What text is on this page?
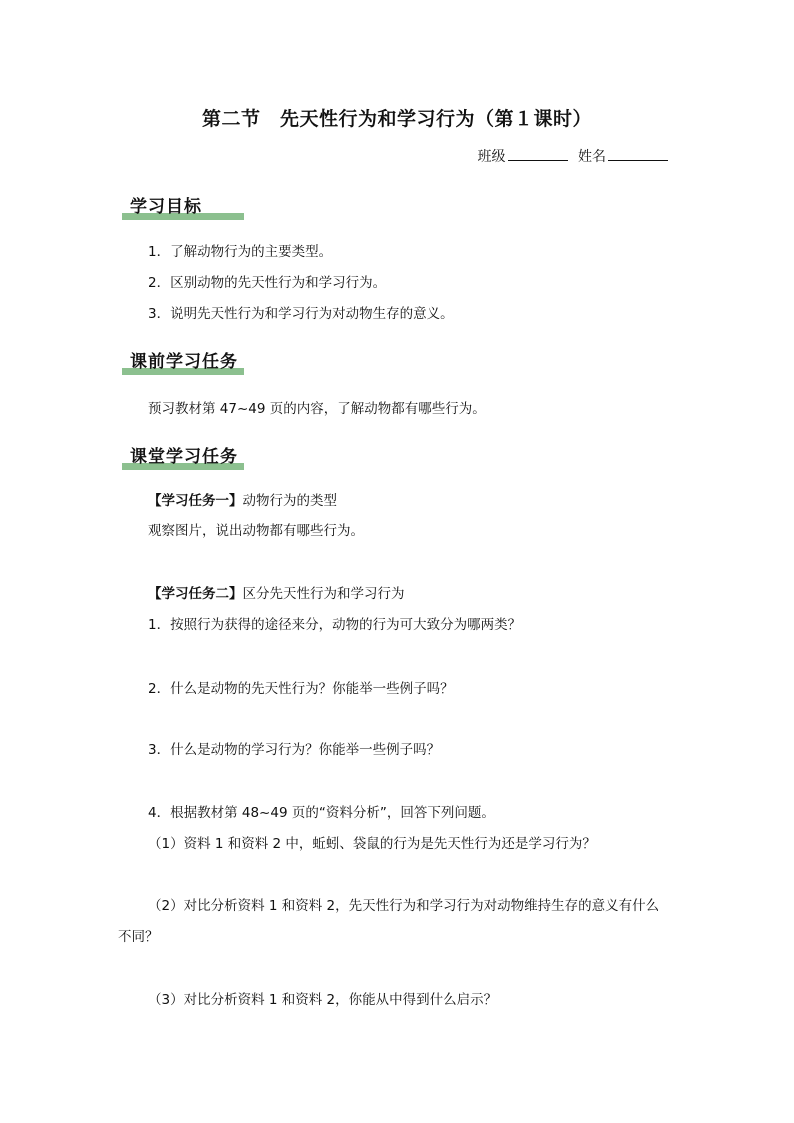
第二节　先天性行为和学习行为（第１课时）
班级	姓名
学习目标
1．了解动物行为的主要类型。
2．区别动物的先天性行为和学习行为。
3．说明先天性行为和学习行为对动物生存的意义。
课前学习任务
预习教材第 47~49 页的内容，了解动物都有哪些行为。
课堂学习任务
【学习任务一】动物行为的类型
观察图片，说出动物都有哪些行为。
【学习任务二】区分先天性行为和学习行为
1．按照行为获得的途径来分，动物的行为可大致分为哪两类？
2．什么是动物的先天性行为？你能举一些例子吗？
3．什么是动物的学习行为？你能举一些例子吗？
4．根据教材第 48~49 页的“资料分析”，回答下列问题。
（1）资料 1 和资料 2 中，蚯蚓、袋鼠的行为是先天性行为还是学习行为？
（2）对比分析资料 1 和资料 2，先天性行为和学习行为对动物维持生存的意义有什么
不同？
（3）对比分析资料 1 和资料 2，你能从中得到什么启示？
